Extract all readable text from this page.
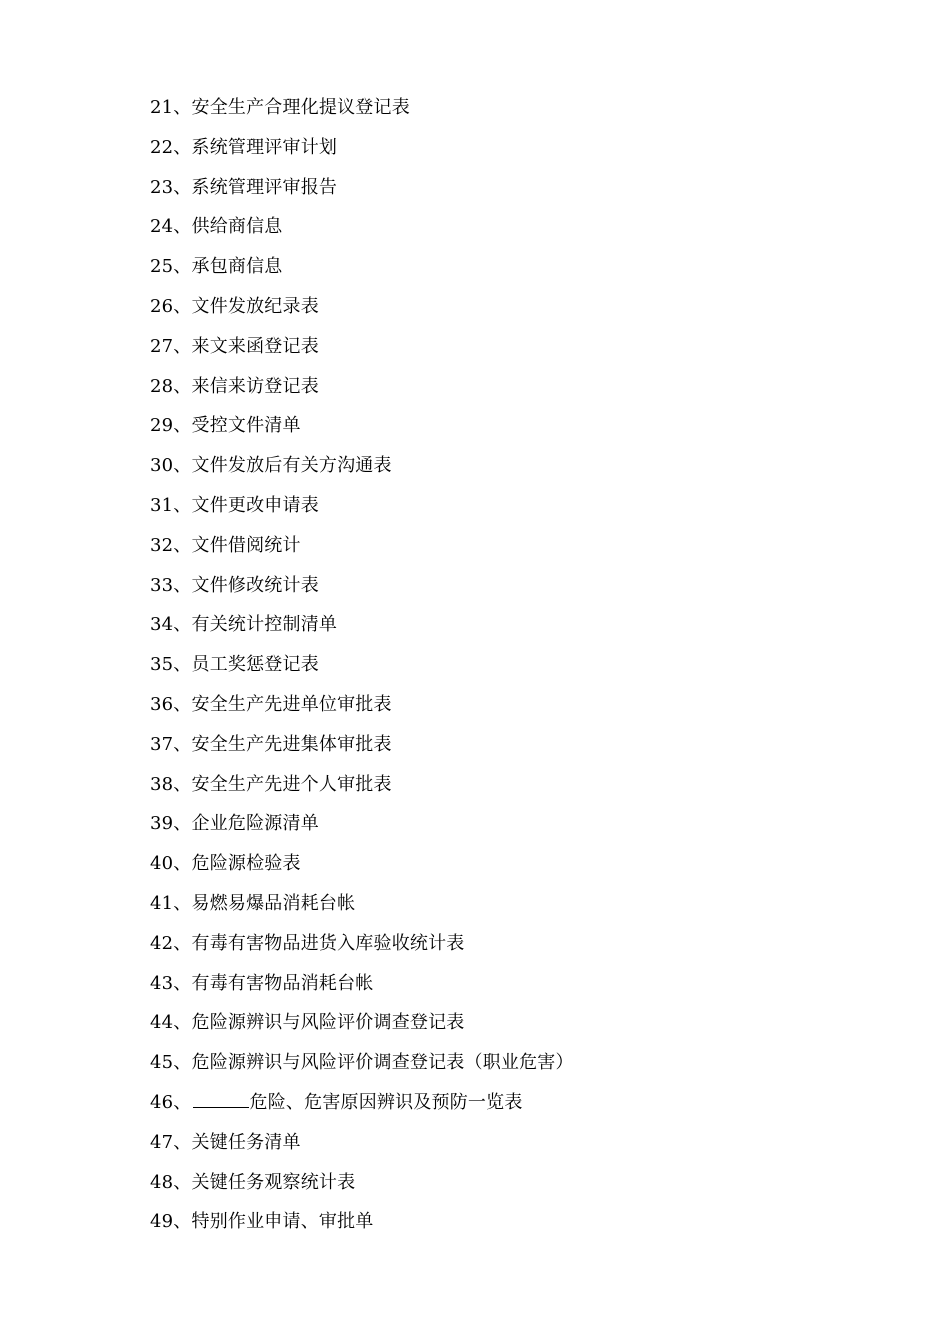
21、安全生产合理化提议登记表
22、系统管理评审计划
23、系统管理评审报告
24、供给商信息
25、承包商信息
26、文件发放纪录表
27、来文来函登记表
28、来信来访登记表
29、受控文件清单
30、文件发放后有关方沟通表
31、文件更改申请表
32、文件借阅统计
33、文件修改统计表
34、有关统计控制清单
35、员工奖惩登记表
36、安全生产先进单位审批表
37、安全生产先进集体审批表
38、安全生产先进个人审批表
39、企业危险源清单
40、危险源检验表
41、易燃易爆品消耗台帐
42、有毒有害物品进货入库验收统计表
43、有毒有害物品消耗台帐
44、危险源辨识与风险评价调查登记表
45、危险源辨识与风险评价调查登记表（职业危害）
46、	危险、危害原因辨识及预防一览表
47、关键任务清单
48、关键任务观察统计表
49、特别作业申请、审批单
